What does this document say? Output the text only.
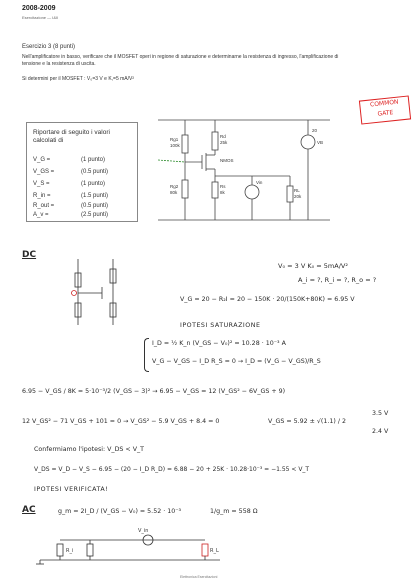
2008-2009
Esercitazione — I&II
Esercizio 3 (8 punti)
Nell'amplificatore in basso, verificare che il MOSFET operi in regione di saturazione e determinarne la resistenza di ingresso, l'amplificazione di tensione e la resistenza di uscita.
Si determini per il MOSFET : V₀=3 V e K,=5 mA/V²
COMMON
GATE
Riportare di seguito i valori calcolati di
V_G =	(1 punto)
V_GS =	(0.5 punti)
V_S =	(1 punto)
R_in =	(1.5 punti)
R_out =	(0.5 punti)
A_v =	(2.5 punti)
Rg1
100k
Rd
25k
Rg2
80k
Rs
8k	RL
20k
NMOS
Vin
20
VB
DC
V₀ = 3 V K₀ = 5mA/V²
A_i = ?, R_i = ?, R_o = ?
V_G = 20 − R₂I = 20 − 150K · 20/(150K+80K) = 6.95 V
IPOTESI SATURAZIONE
I_D = ½ K_n (V_GS − V₀)² = 10.28 · 10⁻³ A
V_G − V_GS − I_D R_S = 0 → I_D = (V_G − V_GS)/R_S
6.95 − V_GS / 8K = 5·10⁻³/2 (V_GS − 3)² → 6.95 − V_GS = 12 (V_GS² − 6V_GS + 9)
12 V_GS² − 71 V_GS + 101 = 0 → V_GS² − 5.9 V_GS + 8.4 = 0	V_GS = 5.92 ± √(1.1) / 2
3.5 V
2.4 V
Confermiamo l'ipotesi: V_DS < V_T
V_DS = V_D − V_S − 6.95 − (20 − I_D R_D) = 6.88 − 20 + 25K · 10.28·10⁻³ = −1.55 < V_T
IPOTESI VERIFICATA!
AC	g_m = 2I_D / (V_GS − V₀) = 5.52 · 10⁻³	1/g_m = 558 Ω
R_i
V_in
R_L
Elettronica Esercitazioni
